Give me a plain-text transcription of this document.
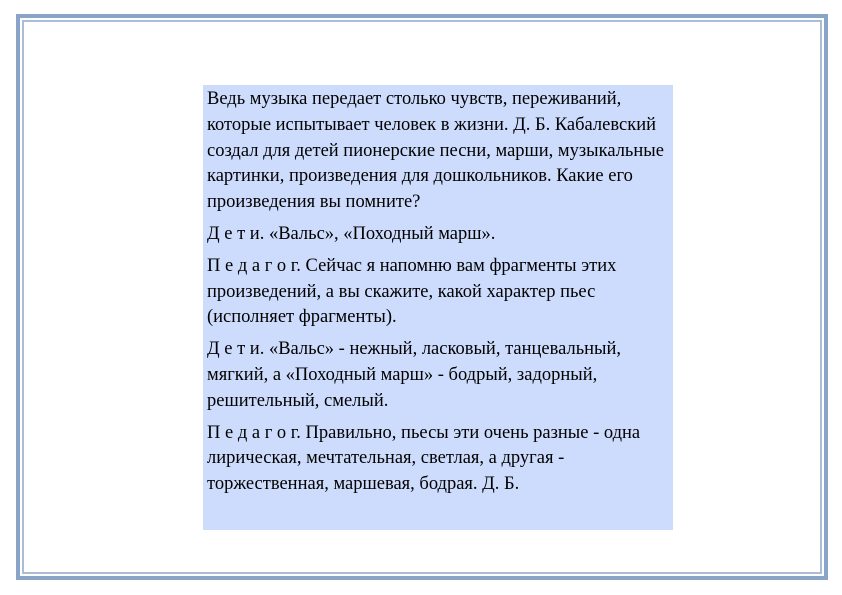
Ведь музыка передает столько чувств, переживаний, которые испытывает человек в жизни. Д. Б. Кабалевский создал для детей пионерские песни, марши, музыкальные картинки, произведения для дошкольников. Какие его произведения вы помните?

Д е т и. «Вальс», «Походный марш».

П е д а г о г. Сейчас я напомню вам фрагменты этих произведений, а вы скажите, какой характер пьес (исполняет фрагменты).

Д е т и. «Вальс» - нежный, ласковый, танцевальный, мягкий, а «Походный марш» - бодрый, задорный, решительный, смелый.

П е д а г о г. Правильно, пьесы эти очень разные - одна лирическая, мечтательная, светлая, а другая - торжественная, маршевая, бодрая. Д. Б.
